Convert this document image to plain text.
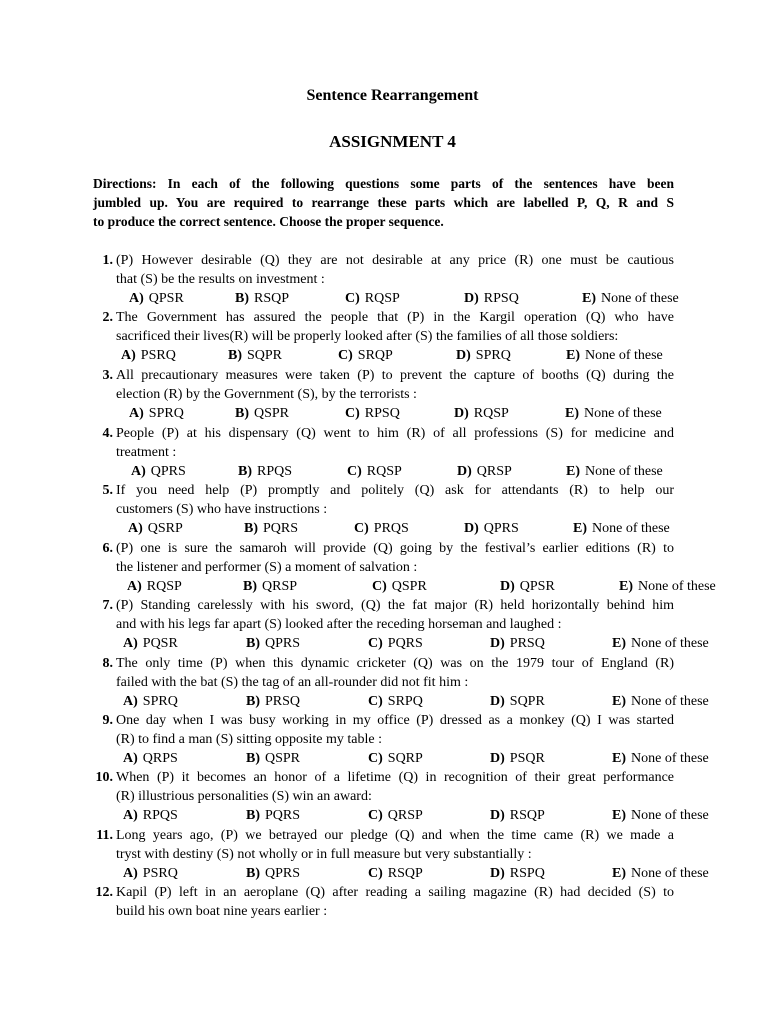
Sentence Rearrangement
ASSIGNMENT 4
Directions: In each of the following questions some parts of the sentences have been
jumbled up. You are required to rearrange these parts which are labelled P, Q, R and S
to produce the correct sentence. Choose the proper sequence.
1. (P) However desirable (Q) they are not desirable at any price (R) one must be cautious
that (S) be the results on investment :
A) QPSR	B) RSQP	C) RQSP	D) RPSQ	E) None of these
2. The Government has assured the people that (P) in the Kargil operation (Q) who have
sacrificed their lives(R) will be properly looked after (S) the families of all those soldiers:
A) PSRQ	B) SQPR	C) SRQP	D) SPRQ	E) None of these
3. All precautionary measures were taken (P) to prevent the capture of booths (Q) during the
election (R) by the Government (S), by the terrorists :
A) SPRQ	B) QSPR	C) RPSQ	D) RQSP	E) None of these
4. People (P) at his dispensary (Q) went to him (R) of all professions (S) for medicine and
treatment :
A) QPRS	B) RPQS	C) RQSP	D) QRSP	E) None of these
5. If you need help (P) promptly and politely (Q) ask for attendants (R) to help our
customers (S) who have instructions :
A) QSRP	B) PQRS	C) PRQS	D) QPRS	E) None of these
6. (P) one is sure the samaroh will provide (Q) going by the festival’s earlier editions (R) to
the listener and performer (S) a moment of salvation :
A) RQSP	B) QRSP	C) QSPR	D) QPSR	E) None of these
7. (P) Standing carelessly with his sword, (Q) the fat major (R) held horizontally behind him
and with his legs far apart (S) looked after the receding horseman and laughed :
A) PQSR	B) QPRS	C) PQRS	D) PRSQ	E) None of these
8. The only time (P) when this dynamic cricketer (Q) was on the 1979 tour of England (R)
failed with the bat (S) the tag of an all-rounder did not fit him :
A) SPRQ	B) PRSQ	C) SRPQ	D) SQPR	E) None of these
9. One day when I was busy working in my office (P) dressed as a monkey (Q) I was started
(R) to find a man (S) sitting opposite my table :
A) QRPS	B) QSPR	C) SQRP	D) PSQR	E) None of these
10. When (P) it becomes an honor of a lifetime (Q) in recognition of their great performance
(R) illustrious personalities (S) win an award:
A) RPQS	B) PQRS	C) QRSP	D) RSQP	E) None of these
11. Long years ago, (P) we betrayed our pledge (Q) and when the time came (R) we made a
tryst with destiny (S) not wholly or in full measure but very substantially :
A) PSRQ	B) QPRS	C) RSQP	D) RSPQ	E) None of these
12. Kapil (P) left in an aeroplane (Q) after reading a sailing magazine (R) had decided (S) to
build his own boat nine years earlier :
